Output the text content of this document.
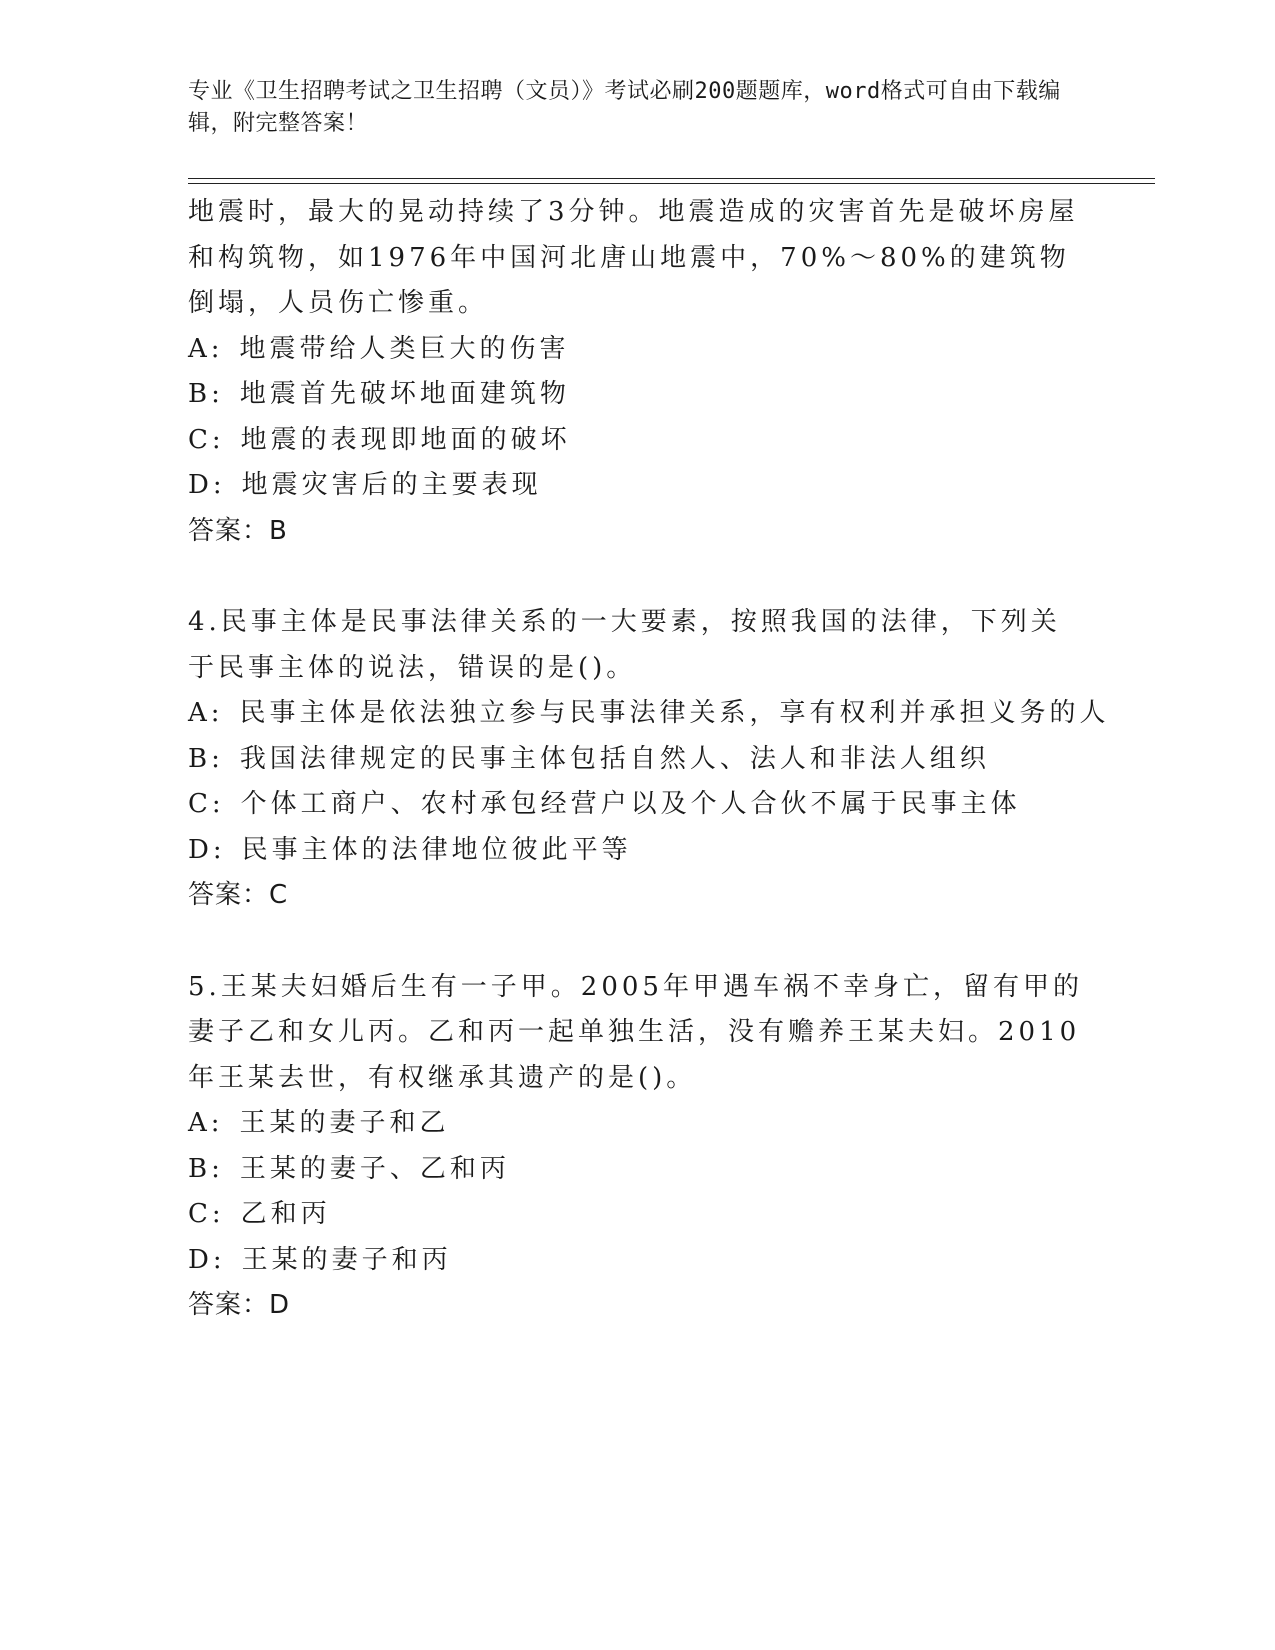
专业《卫生招聘考试之卫生招聘（文员）》考试必刷200题题库，word格式可自由下载编辑，附完整答案！

地震时，最大的晃动持续了3分钟。地震造成的灾害首先是破坏房屋和构筑物，如1976年中国河北唐山地震中，70%～80%的建筑物倒塌，人员伤亡惨重。

A: 地震带给人类巨大的伤害
B: 地震首先破坏地面建筑物
C: 地震的表现即地面的破坏
D: 地震灾害后的主要表现
答案：B

4.民事主体是民事法律关系的一大要素，按照我国的法律，下列关于民事主体的说法，错误的是()。

A: 民事主体是依法独立参与民事法律关系，享有权利并承担义务的人
B: 我国法律规定的民事主体包括自然人、法人和非法人组织
C: 个体工商户、农村承包经营户以及个人合伙不属于民事主体
D: 民事主体的法律地位彼此平等
答案：C

5.王某夫妇婚后生有一子甲。2005年甲遇车祸不幸身亡，留有甲的妻子乙和女儿丙。乙和丙一起单独生活，没有赡养王某夫妇。2010年王某去世，有权继承其遗产的是()。

A: 王某的妻子和乙
B: 王某的妻子、乙和丙
C: 乙和丙
D: 王某的妻子和丙
答案：D
